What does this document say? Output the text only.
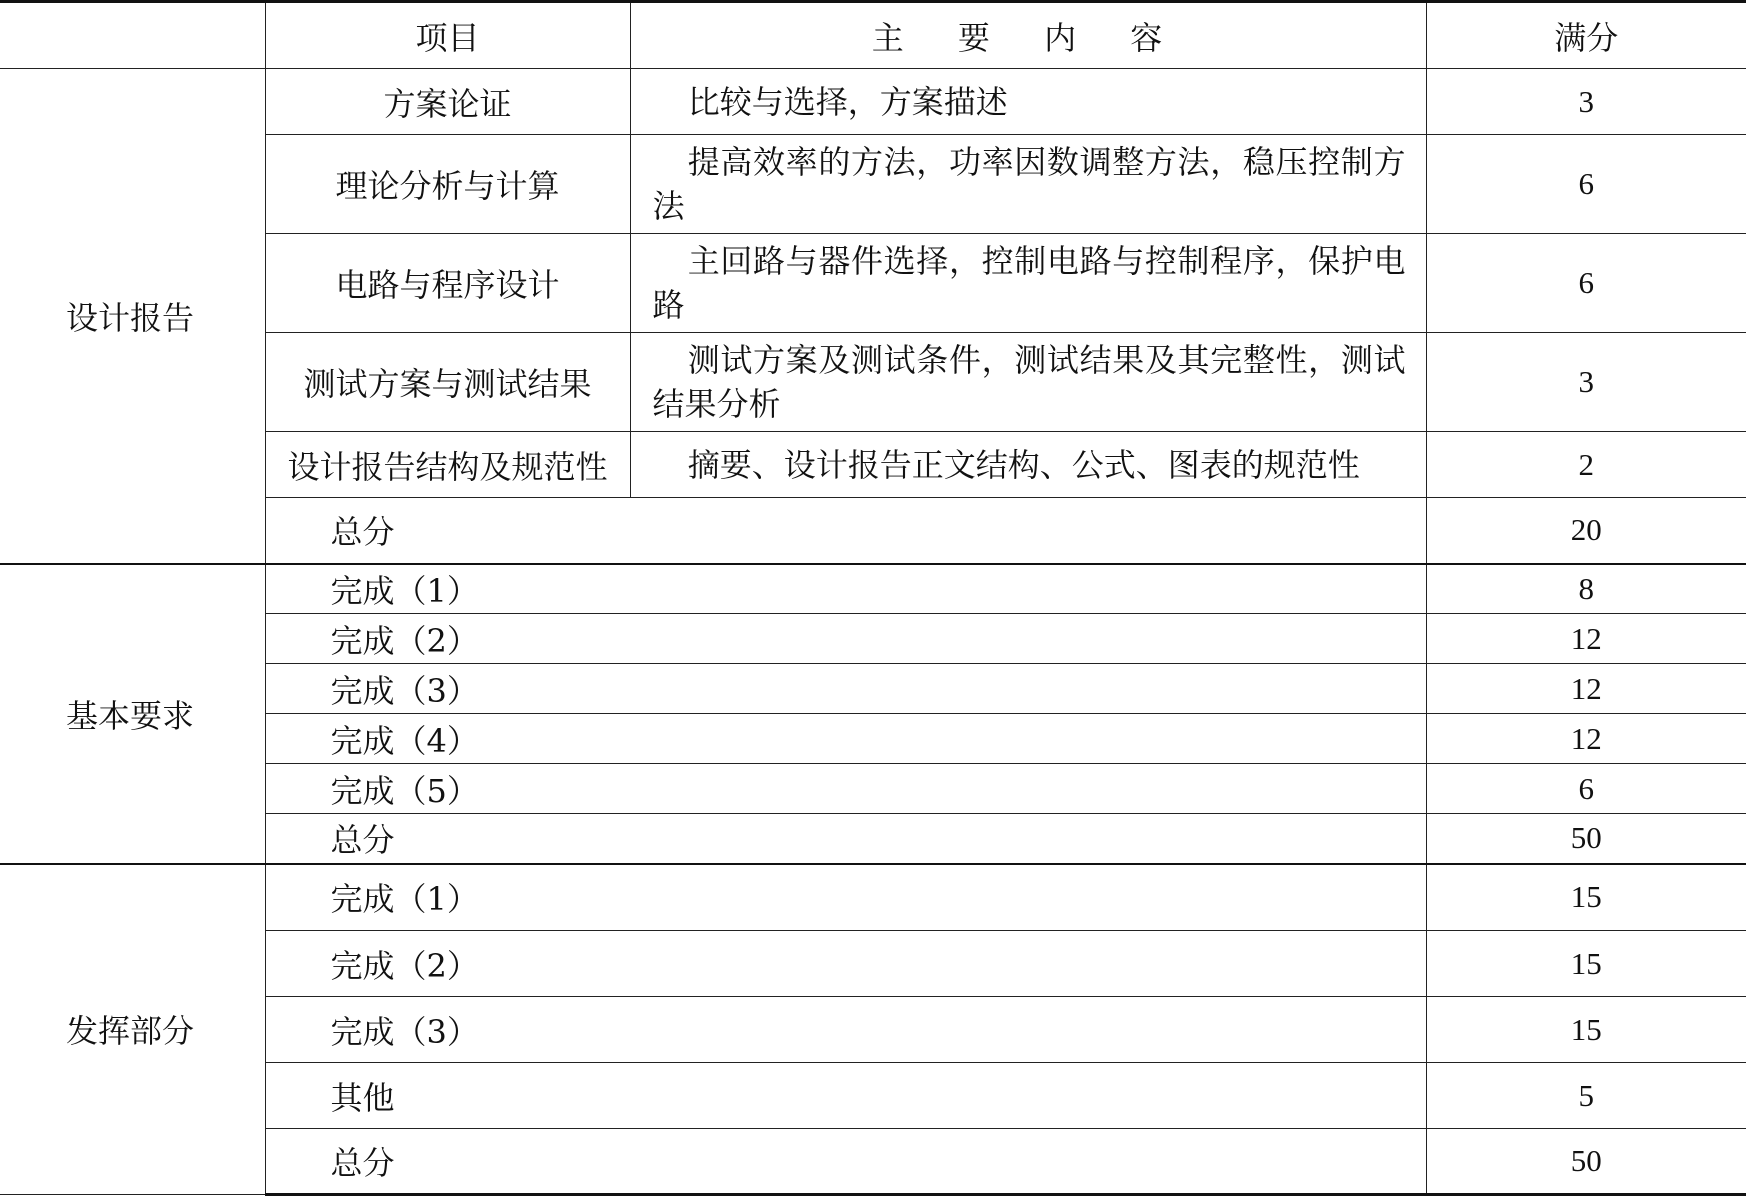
	项目	主 要 内 容	满分
设计报告	方案论证	比较与选择，方案描述	3
	理论分析与计算	提高效率的方法，功率因数调整方法，稳压控制方法	6
	电路与程序设计	主回路与器件选择，控制电路与控制程序，保护电路	6
	测试方案与测试结果	测试方案及测试条件，测试结果及其完整性，测试结果分析	3
	设计报告结构及规范性	摘要、设计报告正文结构、公式、图表的规范性	2
	总分		20
基本要求	完成（1）		8
	完成（2）		12
	完成（3）		12
	完成（4）		12
	完成（5）		6
	总分		50
发挥部分	完成（1）		15
	完成（2）		15
	完成（3）		15
	其他		5
	总分		50
